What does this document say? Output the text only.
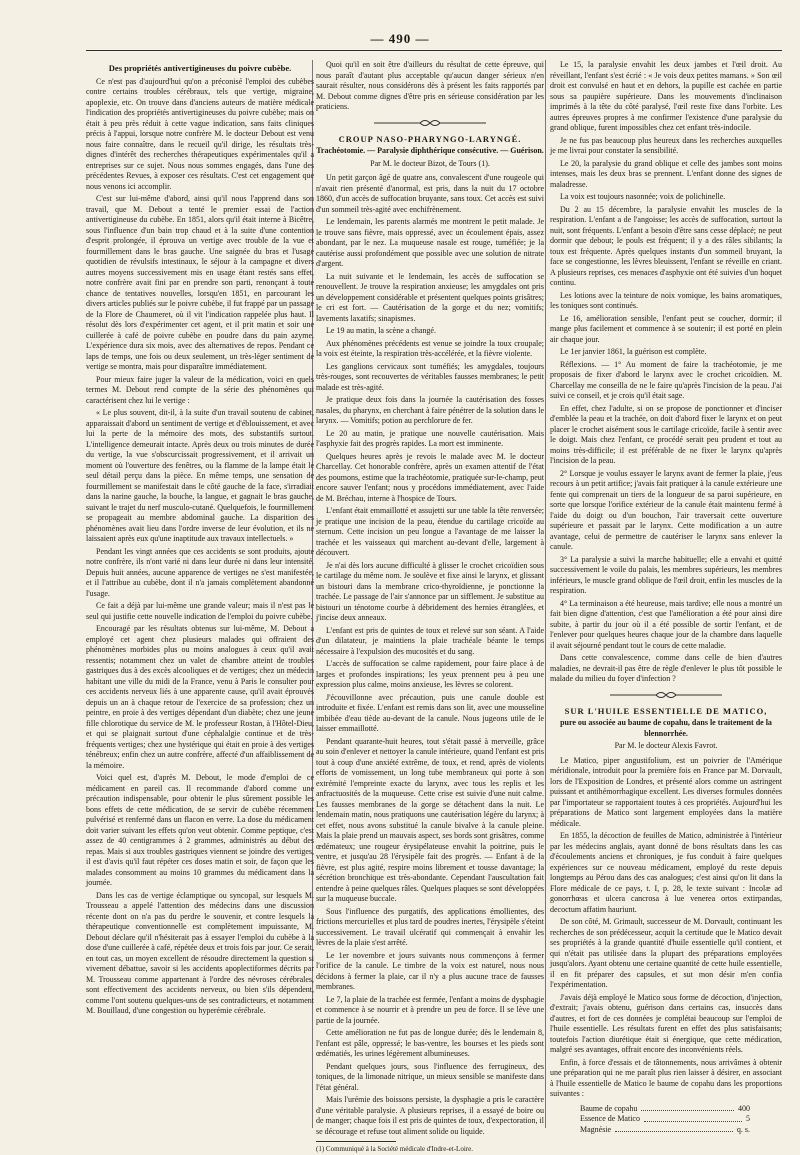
— 490 —

Des propriétés antivertigineuses du poivre cubèbe.

Ce n'est pas d'aujourd'hui qu'on a préconisé l'emploi des cubèbes contre certains troubles cérébraux, tels que vertige, migraine, apoplexie, etc. On trouve dans d'anciens auteurs de matière médicale l'indication des propriétés antivertigineuses du poivre cubèbe; mais on était à peu près réduit à cette vague indication, sans faits cliniques précis à l'appui, lorsque notre confrère M. le docteur Debout est venu nous faire connaître, dans le recueil qu'il dirige, les résultats très-dignes d'intérêt des recherches thérapeutiques expérimentales qu'il a entreprises sur ce sujet. Nous nous sommes engagés, dans l'une des précédentes Revues, à exposer ces résultats. C'est cet engagement que nous venons ici accomplir.

C'est sur lui-même d'abord, ainsi qu'il nous l'apprend dans son travail, que M. Debout a tenté le premier essai de l'action antivertigineuse du cubèbe. En 1851, alors qu'il était interne à Bicêtre, sous l'influence d'un bain trop chaud et à la suite d'une contention d'esprit prolongée, il éprouva un vertige avec trouble de la vue et fourmillement dans le bras gauche. Une saignée du bras et l'usage quotidien de révulsifs intestinaux, le séjour à la campagne et divers autres moyens successivement mis en usage étant restés sans effet, notre confrère avait fini par en prendre son parti, renonçant à toute chance de tentatives nouvelles, lorsqu'en 1851, en parcourant les divers articles publiés sur le poivre cubèbe, il fut frappé par un passage de la Flore de Chaumeret, où il vit l'indication rappelée plus haut. Il résolut dès lors d'expérimenter cet agent, et il prit matin et soir une cuillerée à café de poivre cubèbe en poudre dans du pain azyme. L'expérience dura six mois, avec des alternatives de repos. Pendant ce laps de temps, une fois ou deux seulement, un très-léger sentiment de vertige se montra, mais pour disparaître immédiatement.

Pour mieux faire juger la valeur de la médication, voici en quels termes M. Debout rend compte de la série des phénomènes qui caractérisent chez lui le vertige :

« Le plus souvent, dit-il, à la suite d'un travail soutenu de cabinet, apparaissait d'abord un sentiment de vertige et d'éblouissement, et avec lui la perte de la mémoire des mots, des substantifs surtout. L'intelligence demeurait intacte. Après deux ou trois minutes de durée du vertige, la vue s'obscurcissait progressivement, et il arrivait un moment où l'ouverture des fenêtres, ou la flamme de la lampe était le seul détail perçu dans la pièce. En même temps, une sensation de fourmillement se manifestait dans le côté gauche de la face, s'irradiait dans la narine gauche, la bouche, la langue, et gagnait le bras gauche, suivant le trajet du nerf musculo-cutané. Quelquefois, le fourmillement se propageait au membre abdominal gauche. La disparition des phénomènes avait lieu dans l'ordre inverse de leur évolution, et ils ne laissaient après eux qu'une inaptitude aux travaux intellectuels. »

Pendant les vingt années que ces accidents se sont produits, ajoute notre confrère, ils n'ont varié ni dans leur durée ni dans leur intensité. Depuis huit années, aucune apparence de vertiges ne s'est manifestée, et il l'attribue au cubèbe, dont il n'a jamais complètement abandonné l'usage.

Ce fait a déjà par lui-même une grande valeur; mais il n'est pas le seul qui justifie cette nouvelle indication de l'emploi du poivre cubèbe.

Encouragé par les résultats obtenus sur lui-même, M. Debout a employé cet agent chez plusieurs malades qui offraient des phénomènes morbides plus ou moins analogues à ceux qu'il avait ressentis; notamment chez un valet de chambre atteint de troubles gastriques dus à des excès alcooliques et de vertiges; chez un médecin habitant une ville du midi de la France, venu à Paris le consulter pour ces accidents nerveux liés à une apparente cause, qu'il avait éprouvés depuis un an à chaque retour de l'exercice de sa profession; chez un peintre, en proie à des vertiges dépendant d'un diabète; chez une jeune fille chlorotique du service de M. le professeur Rostan, à l'Hôtel-Dieu, et qui se plaignait surtout d'une céphalalgie continue et de très-fréquents vertiges; chez une hystérique qui était en proie à des vertiges ténébreux; enfin chez un autre confrère, affecté d'un affaiblissement de la mémoire.

Voici quel est, d'après M. Debout, le mode d'emploi de ce médicament en pareil cas. Il recommande d'abord comme une précaution indispensable, pour obtenir le plus sûrement possible les bons effets de cette médication, de se servir de cubèbe récemment pulvérisé et renfermé dans un flacon en verre. La dose du médicament doit varier suivant les effets qu'on veut obtenir. Comme peptique, c'est assez de 40 centigrammes à 2 grammes, administrés au début des repas. Mais si aux troubles gastriques viennent se joindre des vertiges, il est d'avis qu'il faut répéter ces doses matin et soir, de façon que les malades consomment au moins 10 grammes du médicament dans la journée.

Dans les cas de vertige éclamptique ou syncopal, sur lesquels M. Trousseau a appelé l'attention des médecins dans une discussion récente dont on n'a pas du perdre le souvenir, et contre lesquels la thérapeutique conventionnelle est complètement impuissante, M. Debout déclare qu'il n'hésiterait pas à essayer l'emploi du cubèbe à la dose d'une cuillerée à café, répétée deux et trois fois par jour. Ce serait, en tout cas, un moyen excellent de résoudre directement la question si vivement débattue, savoir si les accidents apoplectiformes décrits par M. Trousseau comme appartenant à l'ordre des névroses cérébrales, sont effectivement des accidents nerveux, ou bien s'ils dépendent, comme l'ont soutenu quelques-uns de ses contradicteurs, et notamment M. Bouillaud, d'une congestion ou hyperémie cérébrale.

Quoi qu'il en soit être d'ailleurs du résultat de cette épreuve, qui nous paraît d'autant plus acceptable qu'aucun danger sérieux n'en saurait résulter, nous considérons dès à présent les faits rapportés par M. Debout comme dignes d'être pris en sérieuse considération par les praticiens.

CROUP NASO-PHARYNGO-LARYNGÉ.

Trachéotomie. — Paralysie diphthérique consécutive. — Guérison.

Par M. le docteur Bizot, de Tours (1).

Un petit garçon âgé de quatre ans, convalescent d'une rougeole qui n'avait rien présenté d'anormal, est pris, dans la nuit du 17 octobre 1860, d'un accès de suffocation bruyante, sans toux. Cet accès est suivi d'un sommeil très-agité avec enchifrènement.

Le lendemain, les parents alarmés me montrent le petit malade. Je le trouve sans fièvre, mais oppressé, avec un écoulement épais, assez abondant, par le nez. La muqueuse nasale est rouge, tuméfiée; je la cautérise aussi profondément que possible avec une solution de nitrate d'argent.

La nuit suivante et le lendemain, les accès de suffocation se renouvellent. Je trouve la respiration anxieuse; les amygdales ont pris un développement considérable et présentent quelques points grisâtres; le cri est fort. — Cautérisation de la gorge et du nez; vomitifs; lavements laxatifs; sinapismes.

Le 19 au matin, la scène a changé.

Aux phénomènes précédents est venue se joindre la toux croupale; la voix est éteinte, la respiration très-accélérée, et la fièvre violente.

Les ganglions cervicaux sont tuméfiés; les amygdales, toujours très-rouges, sont recouvertes de véritables fausses membranes; le petit malade est très-agité.

Je pratique deux fois dans la journée la cautérisation des fosses nasales, du pharynx, en cherchant à faire pénétrer de la solution dans le larynx. — Vomitifs; potion au perchlorure de fer.

Le 20 au matin, je pratique une nouvelle cautérisation. Mais l'asphyxie fait des progrès rapides. La mort est imminente.

Quelques heures après je revois le malade avec M. le docteur Charcellay. Cet honorable confrère, après un examen attentif de l'état des poumons, estime que la trachéotomie, pratiquée sur-le-champ, peut encore sauver l'enfant; nous y procédons immédiatement, avec l'aide de M. Bréchau, interne à l'hospice de Tours.

L'enfant était emmaillotté et assujetti sur une table la tête renversée; je pratique une incision de la peau, étendue du cartilage cricoïde au sternum. Cette incision un peu longue a l'avantage de me laisser la trachée et les vaisseaux qui marchent au-devant d'elle, largement à découvert.

Je n'ai dès lors aucune difficulté à glisser le crochet cricoïdien sous le cartilage du même nom. Je soulève et fixe ainsi le larynx, et glissant un bistouri dans la membrane crico-thyroïdienne, je ponctionne la trachée. Le passage de l'air s'annonce par un sifflement. Je substitue au bistouri un ténotome courbe à débridement des hernies étranglées, et j'incise deux anneaux.

L'enfant est pris de quintes de toux et relevé sur son séant. A l'aide d'un dilatateur, je maintiens la plaie trachéale béante le temps nécessaire à l'expulsion des mucosités et du sang.

L'accès de suffocation se calme rapidement, pour faire place à de larges et profondes inspirations; les yeux prennent peu à peu une expression plus calme, moins anxieuse, les lèvres se colorent.

J'écouvillonne avec précaution, puis une canule double est introduite et fixée. L'enfant est remis dans son lit, avec une mousseline imbibée d'eau tiède au-devant de la canule. Nous jugeons utile de le laisser emmaillotté.

Pendant quarante-huit heures, tout s'était passé à merveille, grâce au soin d'enlever et nettoyer la canule intérieure, quand l'enfant est pris tout à coup d'une anxiété extrême, de toux, et rend, après de violents efforts de vomissement, un long tube membraneux qui porte à son extrémité l'empreinte exacte du larynx, avec tous les replis et les anfractuosités de la muqueuse. Cette crise est suivie d'une nuit calme. Les fausses membranes de la gorge se détachent dans la nuit. Le lendemain matin, nous pratiquons une cautérisation légère du larynx; à cet effet, nous avons substitué la canule bivalve à la canule pleine. Mais la plaie prend un mauvais aspect, ses bords sont grisâtres, comme œdémateux; une rougeur érysipélateuse envahit la poitrine, puis le ventre, et jusqu'au 28 l'érysipèle fait des progrès. — Enfant à de la fièvre, est plus agité, respire moins librement et tousse davantage; la sécrétion bronchique est très-abondante. Cependant l'auscultation fait entendre à peine quelques râles. Quelques plaques se sont développées sur la muqueuse buccale.

Sous l'influence des purgatifs, des applications émollientes, des frictions mercurielles et plus tard de poudres inertes, l'érysipèle s'éteint successivement. Le travail ulcératif qui commençait à envahir les lèvres de la plaie s'est arrêté.

Le 1er novembre et jours suivants nous commençons à fermer l'orifice de la canule. Le timbre de la voix est naturel, nous nous décidons à fermer la plaie, car il n'y a plus aucune trace de fausses membranes.

Le 7, la plaie de la trachée est fermée, l'enfant a moins de dysphagie et commence à se nourrir et à prendre un peu de force. Il se lève une partie de la journée.

Cette amélioration ne fut pas de longue durée; dès le lendemain 8, l'enfant est pâle, oppressé; le bas-ventre, les bourses et les pieds sont œdématiés, les urines légèrement albumineuses.

Pendant quelques jours, sous l'influence des ferrugineux, des toniques, de la limonade nitrique, un mieux sensible se manifeste dans l'état général.

Mais l'urémie des boissons persiste, la dysphagie a pris le caractère d'une véritable paralysie. A plusieurs reprises, il a essayé de boire ou de manger; chaque fois il est pris de quintes de toux, d'expectoration, il se décourage et refuse tout aliment solide ou liquide.

(1) Communiqué à la Société médicale d'Indre-et-Loire.

Le 15, la paralysie envahit les deux jambes et l'œil droit. Au réveillant, l'enfant s'est écrié : « Je vois deux petites mamans. » Son œil droit est convulsé en haut et en dehors, la pupille est cachée en partie sous sa paupière supérieure. Dans les mouvements d'inclinaison imprimés à la tête du côté paralysé, l'œil reste fixe dans l'orbite. Les autres épreuves propres à me confirmer l'existence d'une paralysie du grand oblique, furent impossibles chez cet enfant très-indocile.

Je ne fus pas beaucoup plus heureux dans les recherches auxquelles je me livrai pour constater la sensibilité.

Le 20, la paralysie du grand oblique et celle des jambes sont moins intenses, mais les deux bras se prennent. L'enfant donne des signes de maladresse.

La voix est toujours nasonnée; voix de polichinelle.

Du 2 au 15 décembre, la paralysie envahit les muscles de la respiration. L'enfant a de l'angoisse; les accès de suffocation, surtout la nuit, sont fréquents. L'enfant a besoin d'être sans cesse déplacé; ne peut dormir que debout; le pouls est fréquent; il y a des râles sibilants; la toux est fréquente. Après quelques instants d'un sommeil bruyant, la face se congestionne, les lèvres bleuissent, l'enfant se réveille en criant. A plusieurs reprises, ces menaces d'asphyxie ont été suivies d'un hoquet continu.

Les lotions avec la teinture de noix vomique, les bains aromatiques, les toniques sont continués.

Le 16, amélioration sensible, l'enfant peut se coucher, dormir; il mange plus facilement et commence à se soutenir; il est porté en plein air chaque jour.

Le 1er janvier 1861, la guérison est complète.

Réflexions. — 1° Au moment de faire la trachéotomie, je me proposais de fixer d'abord le larynx avec le crochet cricoïdien. M. Charcellay me conseilla de ne le faire qu'après l'incision de la peau. J'ai suivi ce conseil, et je crois qu'il était sage.

En effet, chez l'adulte, si on se propose de ponctionner et d'inciser d'emblée la peau et la trachée, on doit d'abord fixer le larynx et on peut placer le crochet aisément sous le cartilage cricoïde, facile à sentir avec le doigt. Mais chez l'enfant, ce procédé serait peu prudent et tout au moins très-difficile; il est préférable de ne fixer le larynx qu'après l'incision de la peau.

2° Lorsque je voulus essayer le larynx avant de fermer la plaie, j'eus recours à un petit artifice; j'avais fait pratiquer à la canule extérieure une fente qui comprenait un tiers de la longueur de sa paroi supérieure, en sorte que lorsque l'orifice extérieur de la canule était maintenu fermé à l'aide du doigt ou d'un bouchon, l'air traversait cette ouverture supérieure et passait par le larynx. Cette modification a un autre avantage, celui de permettre de cautériser le larynx sans enlever la canule.

3° La paralysie a suivi la marche habituelle; elle a envahi et quitté successivement le voile du palais, les membres supérieurs, les membres inférieurs, le muscle grand oblique de l'œil droit, enfin les muscles de la respiration.

4° La terminaison a été heureuse, mais tardive; elle nous a montré un fait bien digne d'attention, c'est que l'amélioration a été pour ainsi dire subite, à partir du jour où il a été possible de sortir l'enfant, et de l'enlever pour quelques heures chaque jour de la chambre dans laquelle il avait séjourné pendant tout le cours de cette maladie.

Dans cette convalescence, comme dans celle de bien d'autres maladies, ne devrait-il pas être de règle d'enlever le plus tôt possible le malade du milieu du foyer d'infection ?

SUR L'HUILE ESSENTIELLE DE MATICO,

pure ou associée au baume de copahu, dans le traitement de la blennorrhée.

Par M. le docteur Alexis Favrot.

Le Matico, piper angustifolium, est un poivrier de l'Amérique méridionale, introduit pour la première fois en France par M. Dorvault, lors de l'Exposition de Londres, et présenté alors comme un astringent puissant et antihémorrhagique excellent. Les diverses formules données par l'importateur se rapportaient toutes à ces propriétés. Aujourd'hui les préparations de Matico sont largement employées dans la matière médicale.

En 1855, la décoction de feuilles de Matico, administrée à l'intérieur par les médecins anglais, ayant donné de bons résultats dans les cas d'écoulements anciens et chroniques, je fus conduit à faire quelques expériences sur ce nouveau médicament, employé du reste depuis longtemps au Pérou dans des cas analogues; c'est ainsi qu'on lit dans la Flore médicale de ce pays, t. I, p. 28, le texte suivant : Incolæ ad gonorrhœas et ulcera cancrosa à lue venerea ortos extirpandas, decoctum affatim hauriunt.

De son côté, M. Grimault, successeur de M. Dorvault, continuant les recherches de son prédécesseur, acquit la certitude que le Matico devait ses propriétés à la grande quantité d'huile essentielle qu'il contient, et qui n'était pas utilisée dans la plupart des préparations employées jusqu'alors. Ayant obtenu une certaine quantité de cette huile essentielle, il en fit préparer des capsules, et sut mon désir m'en confia l'expérimentation.

J'avais déjà employé le Matico sous forme de décoction, d'injection, d'extrait; j'avais obtenu, guérison dans certains cas, insuccès dans d'autres, et fort de ces données je complétai beaucoup sur l'emploi de l'huile essentielle. Les résultats furent en effet des plus satisfaisants; toutefois l'action diurétique était si énergique, que cette médication, malgré ses avantages, offrait encore des inconvénients réels.

Enfin, à force d'essais et de tâtonnements, nous arrivâmes à obtenir une préparation qui ne me paraît plus rien laisser à désirer, en associant à l'huile essentielle de Matico le baume de copahu dans les proportions suivantes :

Baume de copahu	400
Essence de Matico	5
Magnésie	q. s.
